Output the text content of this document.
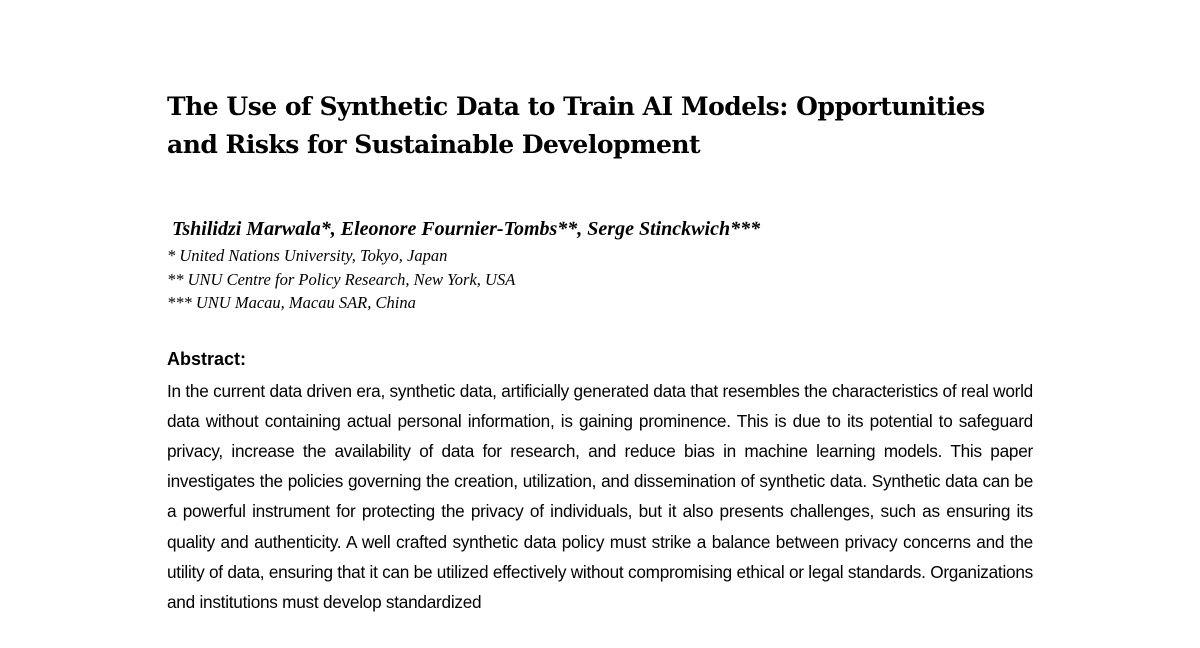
The Use of Synthetic Data to Train AI Models: Opportunities and Risks for Sustainable Development
Tshilidzi Marwala*, Eleonore Fournier-Tombs**, Serge Stinckwich***
* United Nations University, Tokyo, Japan
** UNU Centre for Policy Research, New York, USA
*** UNU Macau, Macau SAR, China
Abstract:
In the current data driven era, synthetic data, artificially generated data that resembles the characteristics of real world data without containing actual personal information, is gaining prominence. This is due to its potential to safeguard privacy, increase the availability of data for research, and reduce bias in machine learning models. This paper investigates the policies governing the creation, utilization, and dissemination of synthetic data. Synthetic data can be a powerful instrument for protecting the privacy of individuals, but it also presents challenges, such as ensuring its quality and authenticity. A well crafted synthetic data policy must strike a balance between privacy concerns and the utility of data, ensuring that it can be utilized effectively without compromising ethical or legal standards. Organizations and institutions must develop standardized
